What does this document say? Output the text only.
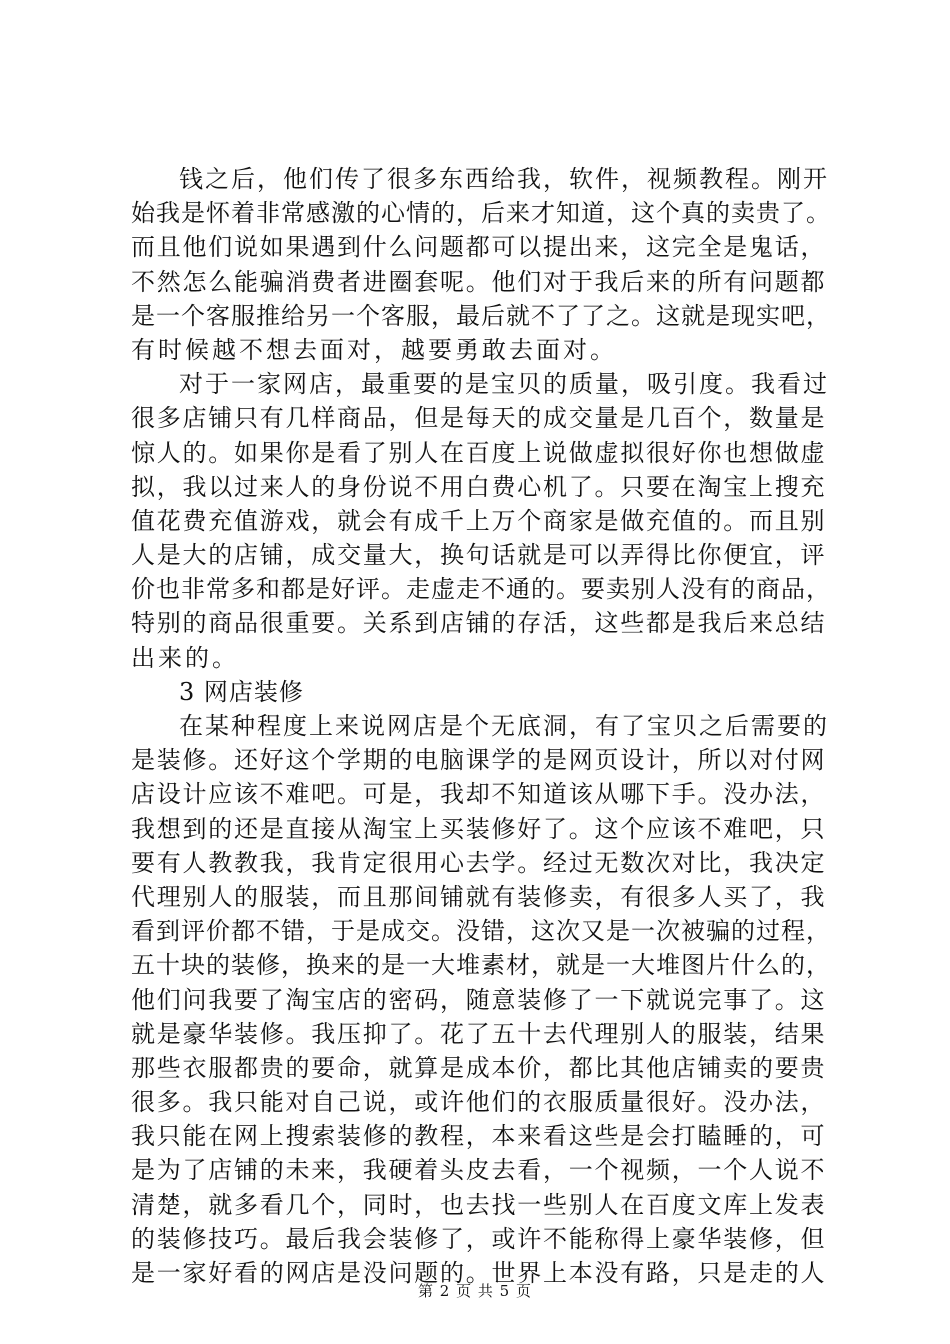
钱之后，他们传了很多东西给我，软件，视频教程。刚开
始我是怀着非常感激的心情的，后来才知道，这个真的卖贵了。
而且他们说如果遇到什么问题都可以提出来，这完全是鬼话，
不然怎么能骗消费者进圈套呢。他们对于我后来的所有问题都
是一个客服推给另一个客服，最后就不了了之。这就是现实吧，
有时候越不想去面对，越要勇敢去面对。
对于一家网店，最重要的是宝贝的质量，吸引度。我看过
很多店铺只有几样商品，但是每天的成交量是几百个，数量是
惊人的。如果你是看了别人在百度上说做虚拟很好你也想做虚
拟，我以过来人的身份说不用白费心机了。只要在淘宝上搜充
值花费充值游戏，就会有成千上万个商家是做充值的。而且别
人是大的店铺，成交量大，换句话就是可以弄得比你便宜，评
价也非常多和都是好评。走虚走不通的。要卖别人没有的商品，
特别的商品很重要。关系到店铺的存活，这些都是我后来总结
出来的。
3 网店装修
在某种程度上来说网店是个无底洞，有了宝贝之后需要的
是装修。还好这个学期的电脑课学的是网页设计，所以对付网
店设计应该不难吧。可是，我却不知道该从哪下手。没办法，
我想到的还是直接从淘宝上买装修好了。这个应该不难吧，只
要有人教教我，我肯定很用心去学。经过无数次对比，我决定
代理别人的服装，而且那间铺就有装修卖，有很多人买了，我
看到评价都不错，于是成交。没错，这次又是一次被骗的过程，
五十块的装修，换来的是一大堆素材，就是一大堆图片什么的，
他们问我要了淘宝店的密码，随意装修了一下就说完事了。这
就是豪华装修。我压抑了。花了五十去代理别人的服装，结果
那些衣服都贵的要命，就算是成本价，都比其他店铺卖的要贵
很多。我只能对自己说，或许他们的衣服质量很好。没办法，
我只能在网上搜索装修的教程，本来看这些是会打瞌睡的，可
是为了店铺的未来，我硬着头皮去看，一个视频，一个人说不
清楚，就多看几个，同时，也去找一些别人在百度文库上发表
的装修技巧。最后我会装修了，或许不能称得上豪华装修，但
是一家好看的网店是没问题的。世界上本没有路，只是走的人
第 2 页 共 5 页
